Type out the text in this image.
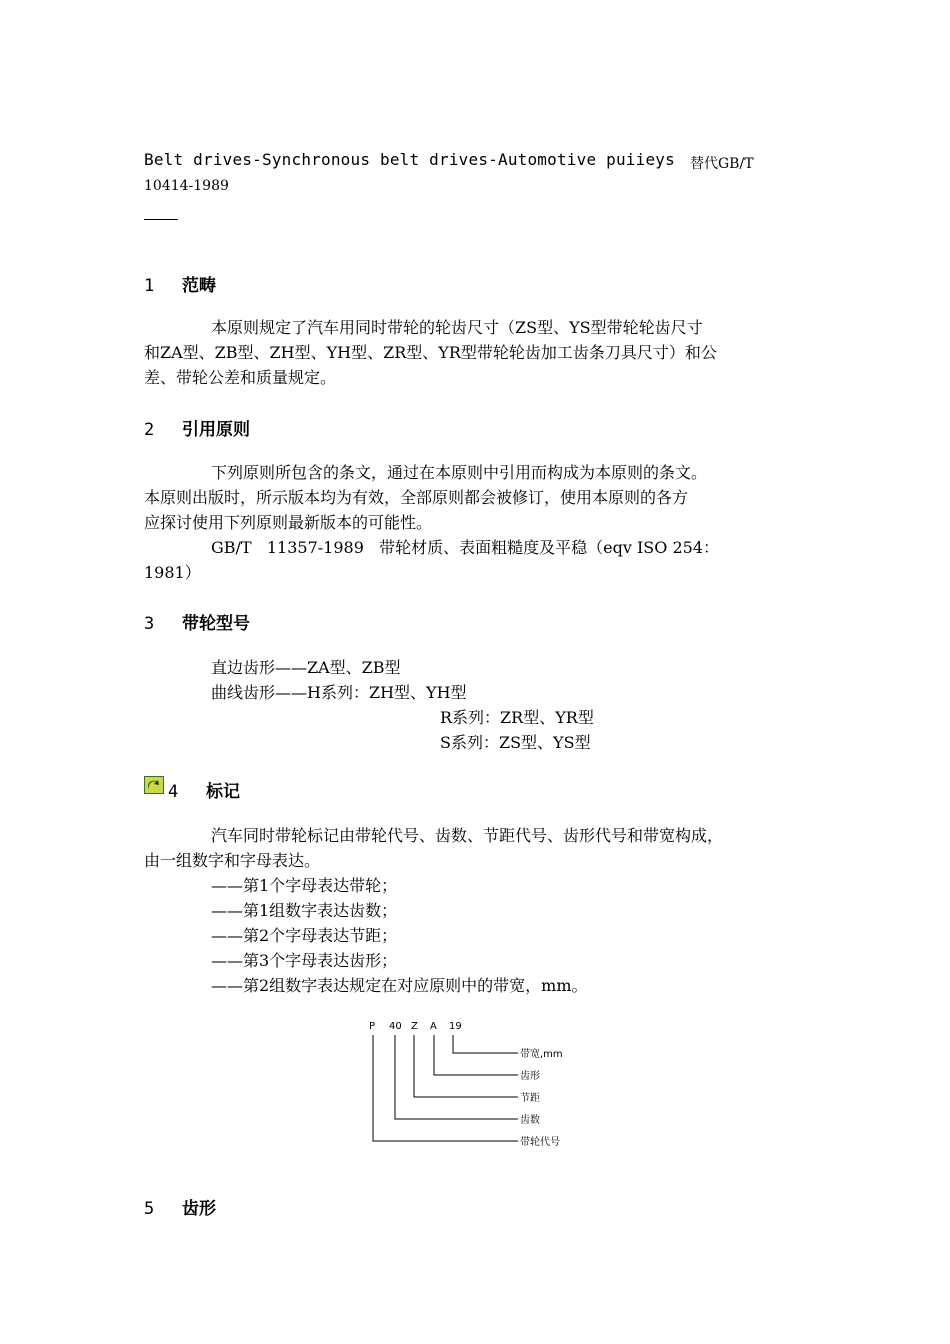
Belt drives-Synchronous belt drives-Automotive puiieys 替代GB/T
10414-1989
1 范畴
本原则规定了汽车用同时带轮的轮齿尺寸（ZS型、YS型带轮轮齿尺寸
和ZA型、ZB型、ZH型、YH型、ZR型、YR型带轮轮齿加工齿条刀具尺寸）和公
差、带轮公差和质量规定。
2 引用原则
下列原则所包含的条文，通过在本原则中引用而构成为本原则的条文。
本原则出版时，所示版本均为有效，全部原则都会被修订，使用本原则的各方
应探讨使用下列原则最新版本的可能性。
GB/T   11357-1989   带轮材质、表面粗糙度及平稳（eqv ISO 254：
1981）
3 带轮型号
直边齿形——ZA型、ZB型
曲线齿形——H系列：ZH型、YH型
R系列：ZR型、YR型
S系列：ZS型、YS型
4 标记
汽车同时带轮标记由带轮代号、齿数、节距代号、齿形代号和带宽构成，
由一组数字和字母表达。
——第1个字母表达带轮；
——第1组数字表达齿数；
——第2个字母表达节距；
——第3个字母表达齿形；
——第2组数字表达规定在对应原则中的带宽，mm。
P 40 Z A 19
带宽,mm
齿形
节距
齿数
带轮代号
5 齿形
